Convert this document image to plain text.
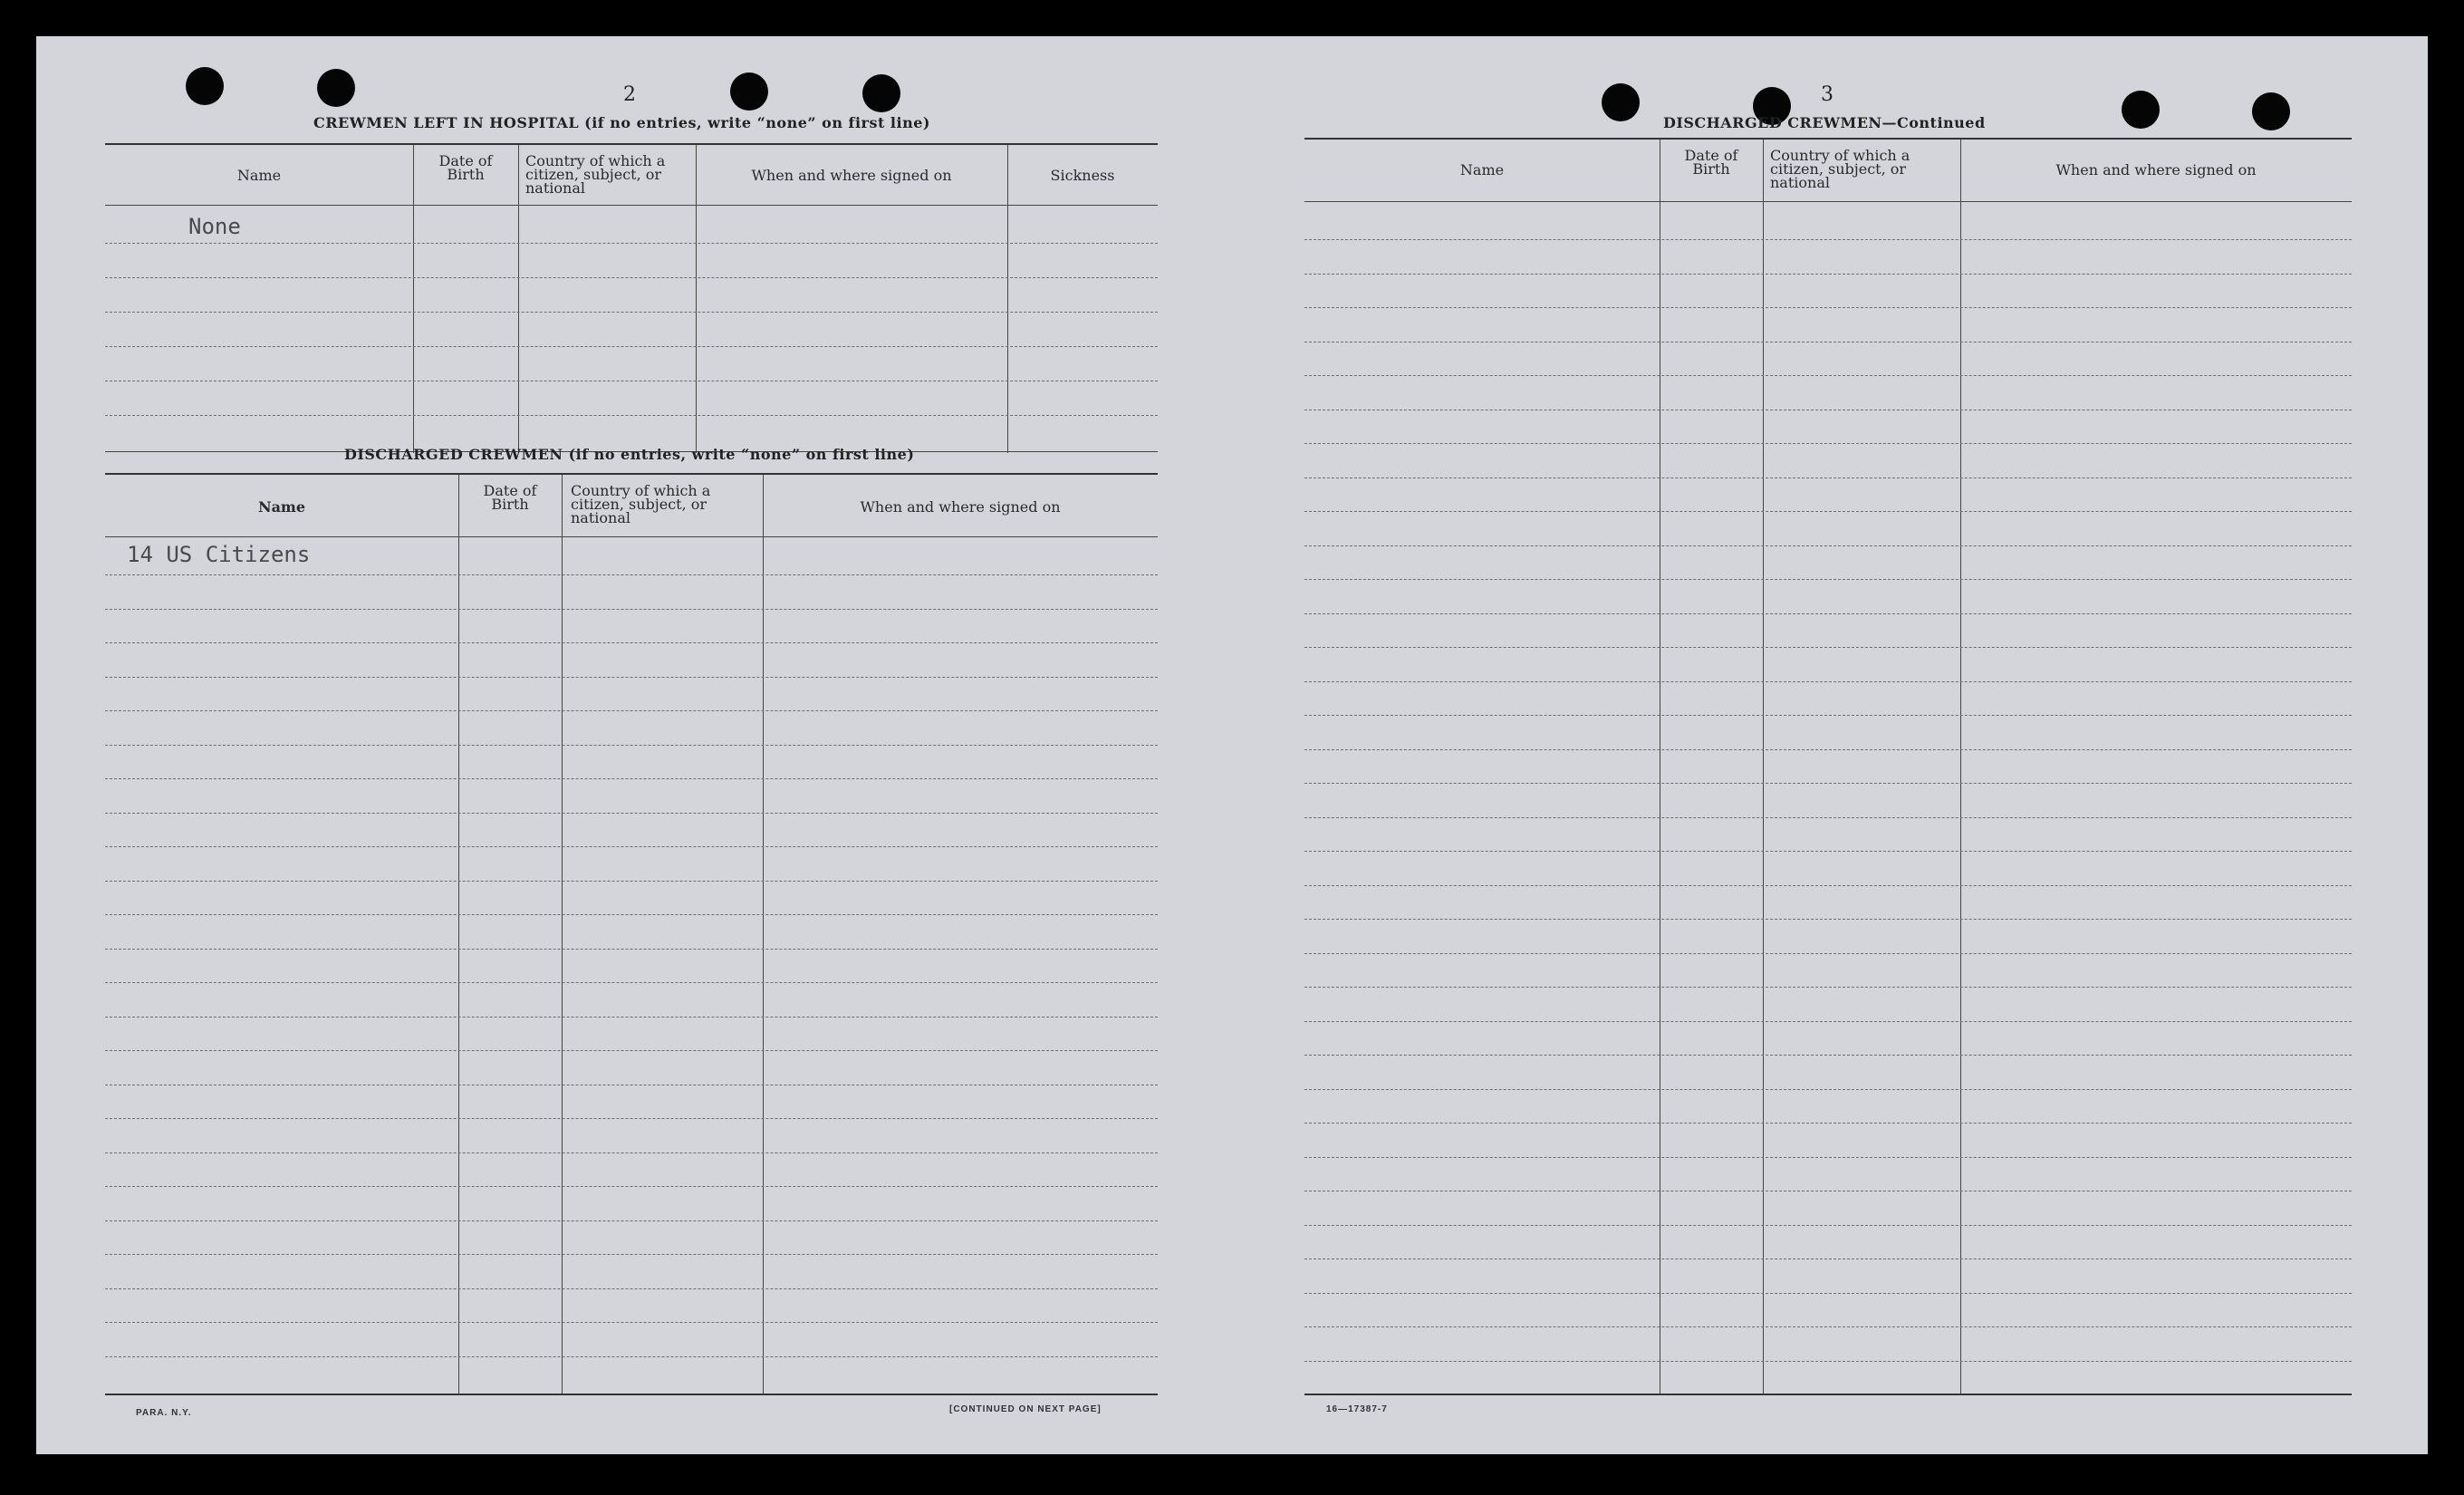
2
CREWMEN LEFT IN HOSPITAL (if no entries, write “none” on first line)
Name
Date of Birth
Country of which a citizen, subject, or national
When and where signed on	Sickness
None
DISCHARGED CREWMEN (if no entries, write “none” on first line)
Name
Date of Birth
Country of which a citizen, subject, or national
When and where signed on
14 US Citizens
PARA. N.Y.	[CONTINUED ON NEXT PAGE]
3
DISCHARGED CREWMEN—Continued
Name
Date of Birth
Country of which a citizen, subject, or national
When and where signed on
16—17387-7
